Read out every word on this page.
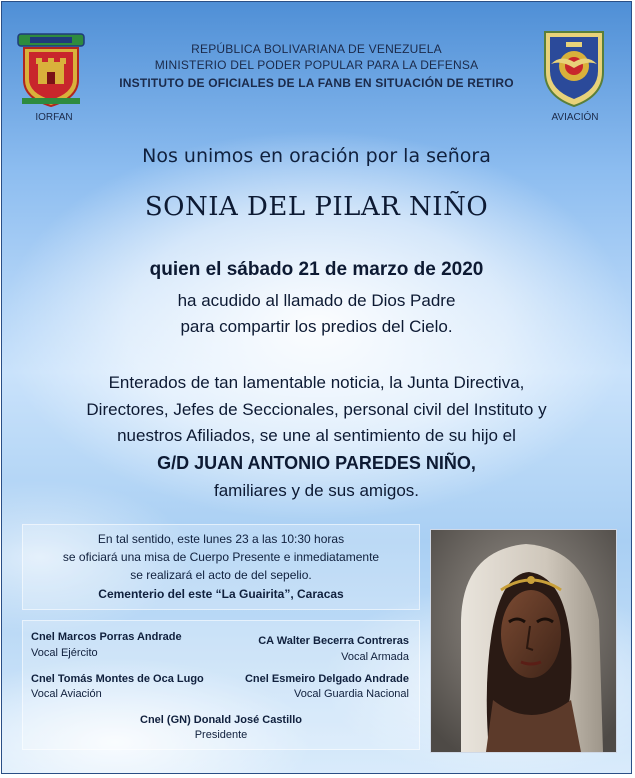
IORFAN	AVIACIÓN
REPÚBLICA BOLIVARIANA DE VENEZUELA
MINISTERIO DEL PODER POPULAR PARA LA DEFENSA
INSTITUTO DE OFICIALES DE LA FANB EN SITUACIÓN DE RETIRO
Nos unimos en oración por la señora
SONIA DEL PILAR NIÑO
quien el sábado 21 de marzo de 2020
ha acudido al llamado de Dios Padre
para compartir los predios del Cielo.
Enterados de tan lamentable noticia, la Junta Directiva,
Directores, Jefes de Seccionales, personal civil del Instituto y
nuestros Afiliados, se une al sentimiento de su hijo el
G/D JUAN ANTONIO PAREDES NIÑO,
familiares y de sus amigos.
En tal sentido, este lunes 23 a las 10:30 horas
se oficiará una misa de Cuerpo Presente e inmediatamente
se realizará el acto de del sepelio.
Cementerio del este “La Guairita”, Caracas
Cnel Marcos Porras Andrade
Vocal Ejército
CA Walter Becerra Contreras
Vocal Armada
Cnel Tomás Montes de Oca Lugo
Vocal Aviación
Cnel Esmeiro Delgado Andrade
Vocal Guardia Nacional
Cnel (GN) Donald José Castillo
Presidente
